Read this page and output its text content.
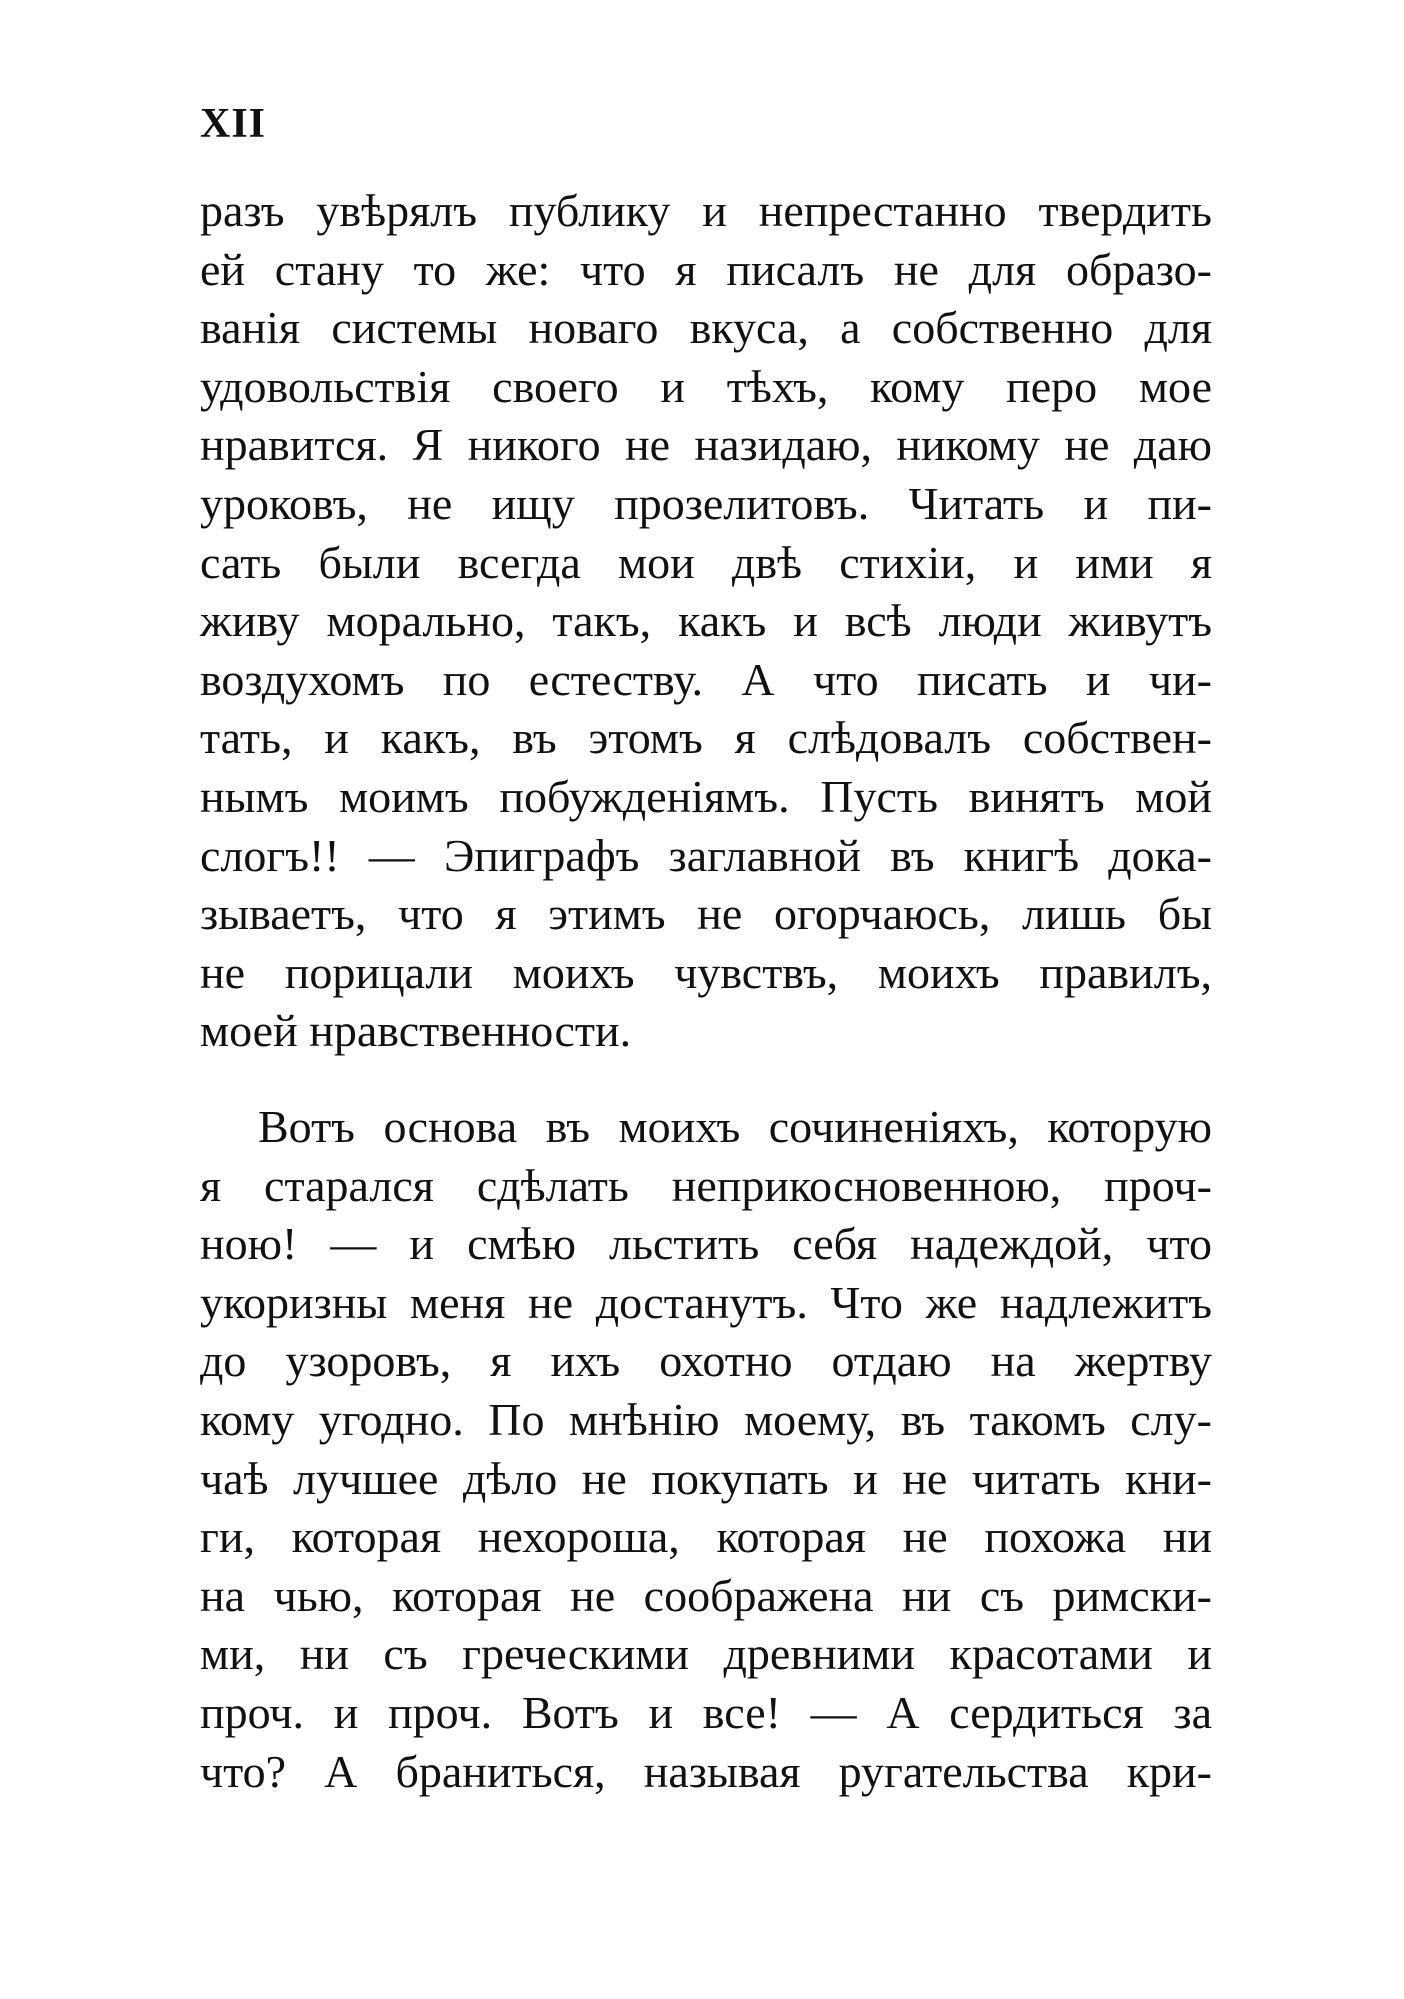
XII
разъ увѣрялъ публику и непрестанно твердить
ей стану то же: что я писалъ не для образо-
ванія системы новаго вкуса, а собственно для
удовольствія своего и тѣхъ, кому перо мое
нравится. Я никого не назидаю, никому не даю
уроковъ, не ищу прозелитовъ. Читать и пи-
сать были всегда мои двѣ стихіи, и ими я
живу морально, такъ, какъ и всѣ люди живутъ
воздухомъ по естеству. А что писать и чи-
тать, и какъ, въ этомъ я слѣдовалъ собствен-
нымъ моимъ побужденіямъ. Пусть винятъ мой
слогъ!! — Эпиграфъ заглавной въ книгѣ дока-
зываетъ, что я этимъ не огорчаюсь, лишь бы
не порицали моихъ чувствъ, моихъ правилъ,
моей нравственности.
Вотъ основа въ моихъ сочиненіяхъ, которую
я старался сдѣлать неприкосновенною, проч-
ною! — и смѣю льстить себя надеждой, что
укоризны меня не достанутъ. Что же надлежитъ
до узоровъ, я ихъ охотно отдаю на жертву
кому угодно. По мнѣнію моему, въ такомъ слу-
чаѣ лучшее дѣло не покупать и не читать кни-
ги, которая нехороша, которая не похожа ни
на чью, которая не соображена ни съ римски-
ми, ни съ греческими древними красотами и
проч. и проч. Вотъ и все! — А сердиться за
что? А браниться, называя ругательства кри-
